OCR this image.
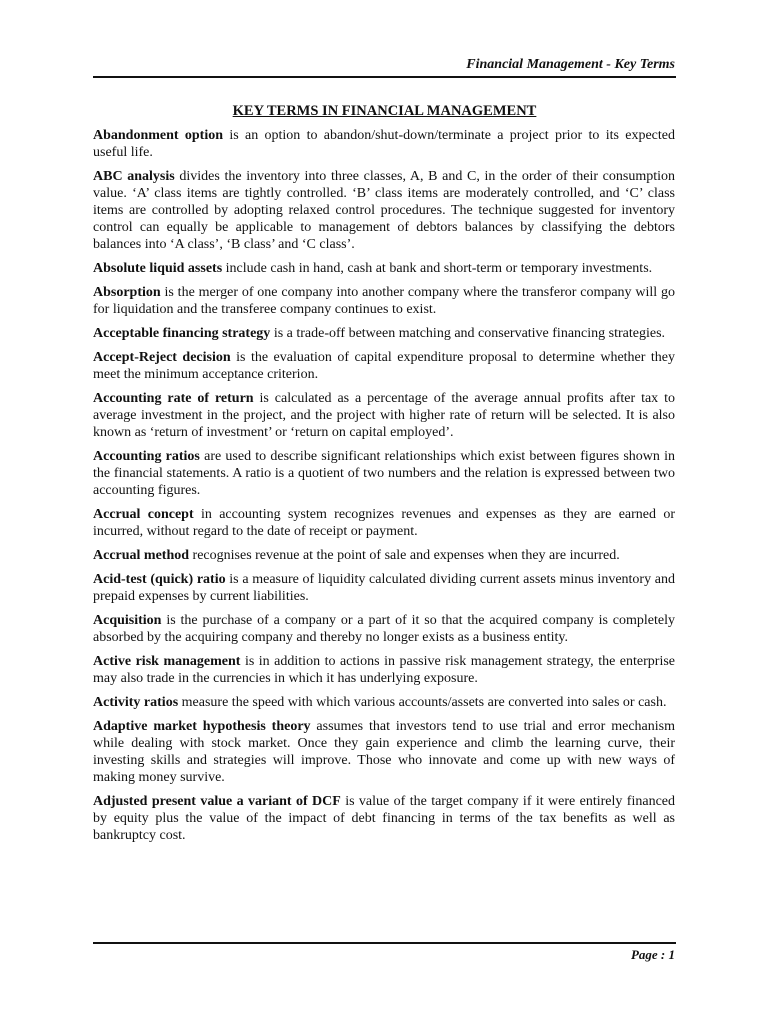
Financial Management - Key Terms
KEY TERMS IN FINANCIAL MANAGEMENT

Abandonment option is an option to abandon/shut-down/terminate a project prior to its expected useful life.

ABC analysis divides the inventory into three classes, A, B and C, in the order of their consumption value. ‘A’ class items are tightly controlled. ‘B’ class items are moderately controlled, and ‘C’ class items are controlled by adopting relaxed control procedures. The technique suggested for inventory control can equally be applicable to management of debtors balances by classifying the debtors balances into ‘A class’, ‘B class’ and ‘C class’.

Absolute liquid assets include cash in hand, cash at bank and short-term or temporary investments.

Absorption is the merger of one company into another company where the transferor company will go for liquidation and the transferee company continues to exist.

Acceptable financing strategy is a trade-off between matching and conservative financing strategies.

Accept-Reject decision is the evaluation of capital expenditure proposal to determine whether they meet the minimum acceptance criterion.

Accounting rate of return is calculated as a percentage of the average annual profits after tax to average investment in the project, and the project with higher rate of return will be selected. It is also known as ‘return of investment’ or ‘return on capital employed’.

Accounting ratios are used to describe significant relationships which exist between figures shown in the financial statements. A ratio is a quotient of two numbers and the relation is expressed between two accounting figures.

Accrual concept in accounting system recognizes revenues and expenses as they are earned or incurred, without regard to the date of receipt or payment.

Accrual method recognises revenue at the point of sale and expenses when they are incurred.

Acid-test (quick) ratio is a measure of liquidity calculated dividing current assets minus inventory and prepaid expenses by current liabilities.

Acquisition is the purchase of a company or a part of it so that the acquired company is completely absorbed by the acquiring company and thereby no longer exists as a business entity.

Active risk management is in addition to actions in passive risk management strategy, the enterprise may also trade in the currencies in which it has underlying exposure.

Activity ratios measure the speed with which various accounts/assets are converted into sales or cash.

Adaptive market hypothesis theory assumes that investors tend to use trial and error mechanism while dealing with stock market. Once they gain experience and climb the learning curve, their investing skills and strategies will improve. Those who innovate and come up with new ways of making money survive.

Adjusted present value a variant of DCF is value of the target company if it were entirely financed by equity plus the value of the impact of debt financing in terms of the tax benefits as well as bankruptcy cost.

Page : 1
